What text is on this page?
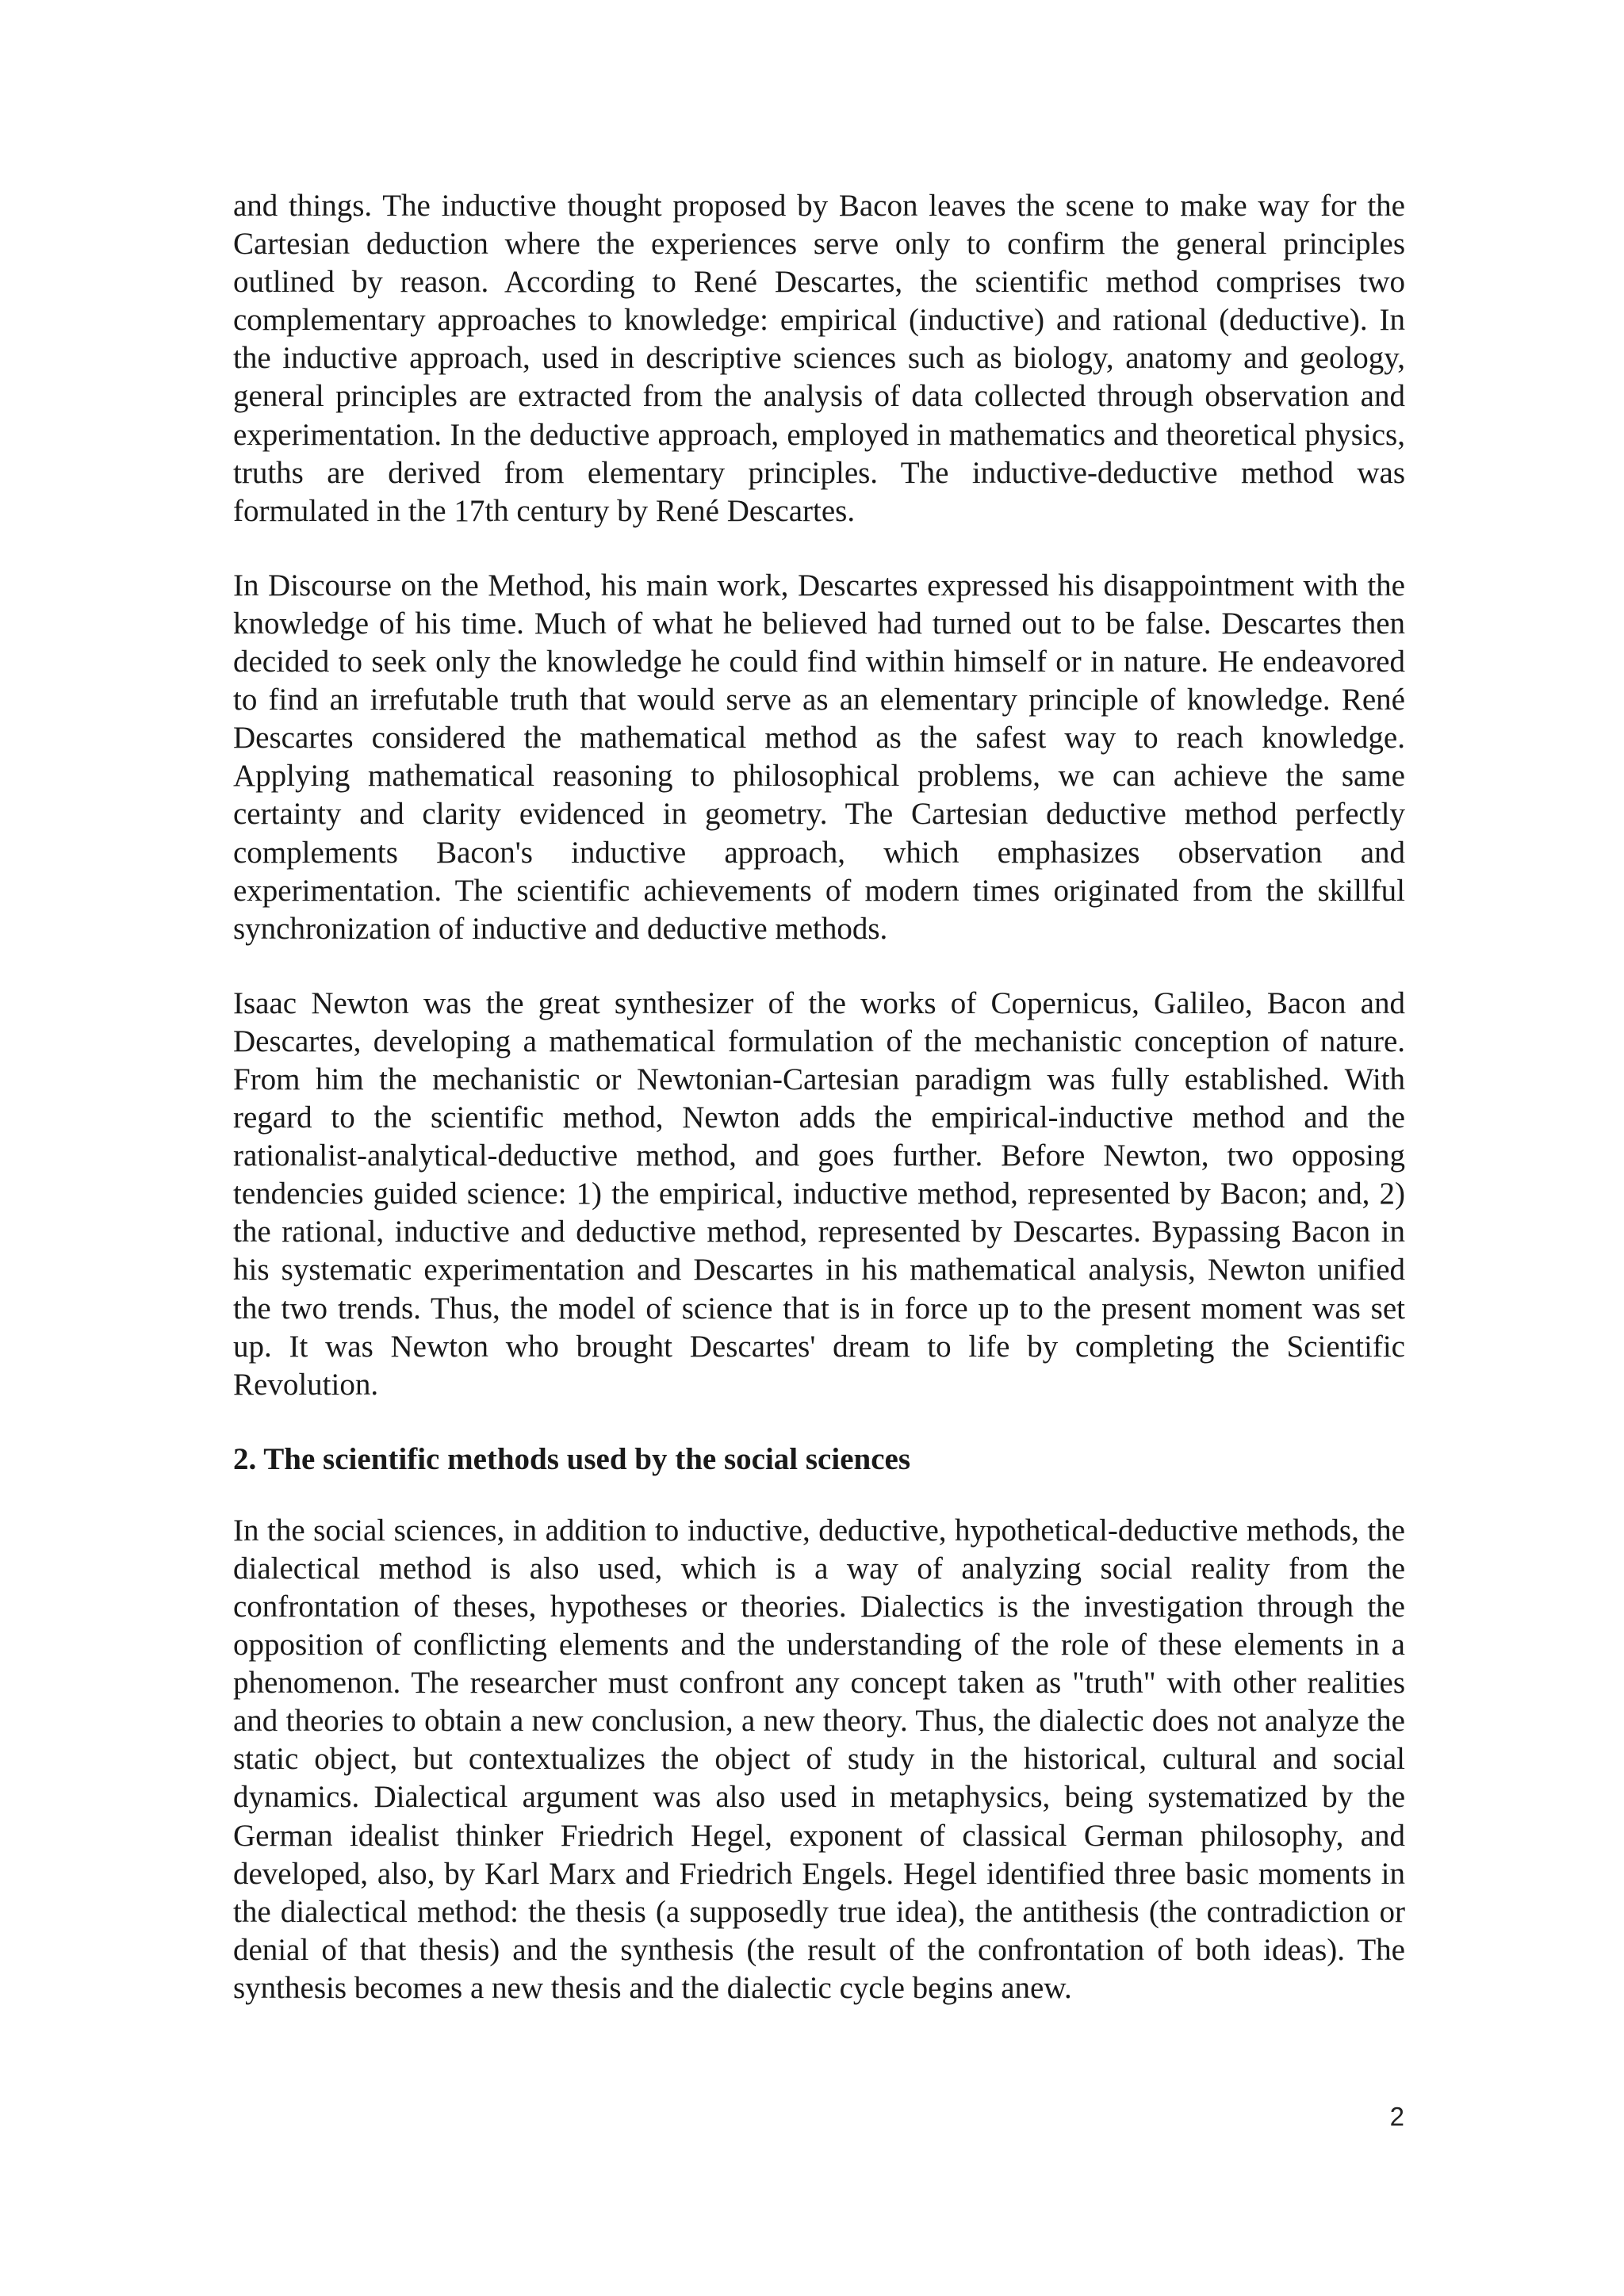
and things. The inductive thought proposed by Bacon leaves the scene to make way for the Cartesian deduction where the experiences serve only to confirm the general principles outlined by reason. According to René Descartes, the scientific method comprises two complementary approaches to knowledge: empirical (inductive) and rational (deductive). In the inductive approach, used in descriptive sciences such as biology, anatomy and geology, general principles are extracted from the analysis of data collected through observation and experimentation. In the deductive approach, employed in mathematics and theoretical physics, truths are derived from elementary principles. The inductive-deductive method was formulated in the 17th century by René Descartes.

In Discourse on the Method, his main work, Descartes expressed his disappointment with the knowledge of his time. Much of what he believed had turned out to be false. Descartes then decided to seek only the knowledge he could find within himself or in nature. He endeavored to find an irrefutable truth that would serve as an elementary principle of knowledge. René Descartes considered the mathematical method as the safest way to reach knowledge. Applying mathematical reasoning to philosophical problems, we can achieve the same certainty and clarity evidenced in geometry. The Cartesian deductive method perfectly complements Bacon's inductive approach, which emphasizes observation and experimentation. The scientific achievements of modern times originated from the skillful synchronization of inductive and deductive methods.

Isaac Newton was the great synthesizer of the works of Copernicus, Galileo, Bacon and Descartes, developing a mathematical formulation of the mechanistic conception of nature. From him the mechanistic or Newtonian-Cartesian paradigm was fully established. With regard to the scientific method, Newton adds the empirical-inductive method and the rationalist-analytical-deductive method, and goes further. Before Newton, two opposing tendencies guided science: 1) the empirical, inductive method, represented by Bacon; and, 2) the rational, inductive and deductive method, represented by Descartes. Bypassing Bacon in his systematic experimentation and Descartes in his mathematical analysis, Newton unified the two trends. Thus, the model of science that is in force up to the present moment was set up. It was Newton who brought Descartes' dream to life by completing the Scientific Revolution.

2. The scientific methods used by the social sciences

In the social sciences, in addition to inductive, deductive, hypothetical-deductive methods, the dialectical method is also used, which is a way of analyzing social reality from the confrontation of theses, hypotheses or theories. Dialectics is the investigation through the opposition of conflicting elements and the understanding of the role of these elements in a phenomenon. The researcher must confront any concept taken as "truth" with other realities and theories to obtain a new conclusion, a new theory. Thus, the dialectic does not analyze the static object, but contextualizes the object of study in the historical, cultural and social dynamics. Dialectical argument was also used in metaphysics, being systematized by the German idealist thinker Friedrich Hegel, exponent of classical German philosophy, and developed, also, by Karl Marx and Friedrich Engels. Hegel identified three basic moments in the dialectical method: the thesis (a supposedly true idea), the antithesis (the contradiction or denial of that thesis) and the synthesis (the result of the confrontation of both ideas). The synthesis becomes a new thesis and the dialectic cycle begins anew.

2
